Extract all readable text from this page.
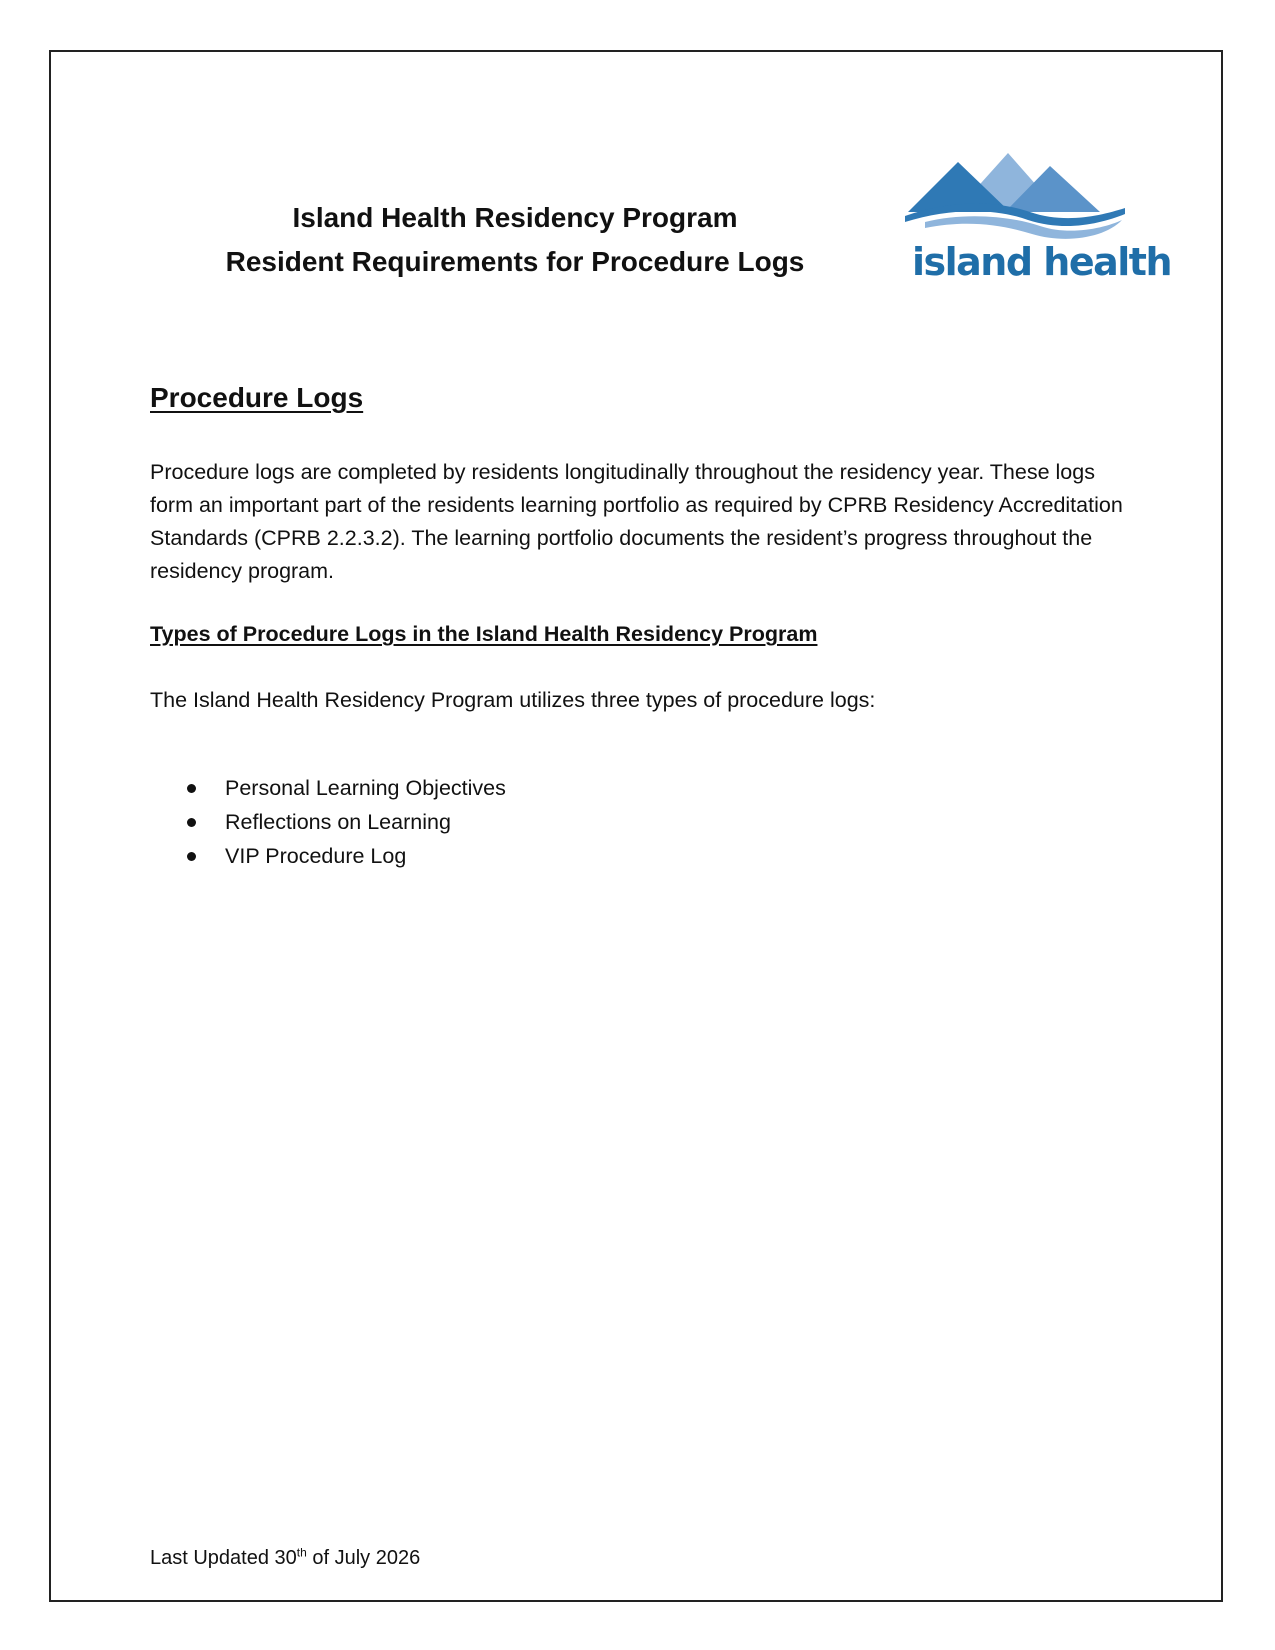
Island Health Residency Program
Resident Requirements for Procedure Logs	island health
Procedure Logs

Procedure logs are completed by residents longitudinally throughout the residency year. These logs form an important part of the residents learning portfolio as required by CPRB Residency Accreditation Standards (CPRB 2.2.3.2). The learning portfolio documents the resident’s progress throughout the residency program.

Types of Procedure Logs in the Island Health Residency Program
The Island Health Residency Program utilizes three types of procedure logs:
Personal Learning Objectives
Reflections on Learning
VIP Procedure Log
Last Updated 30th of July 2026
